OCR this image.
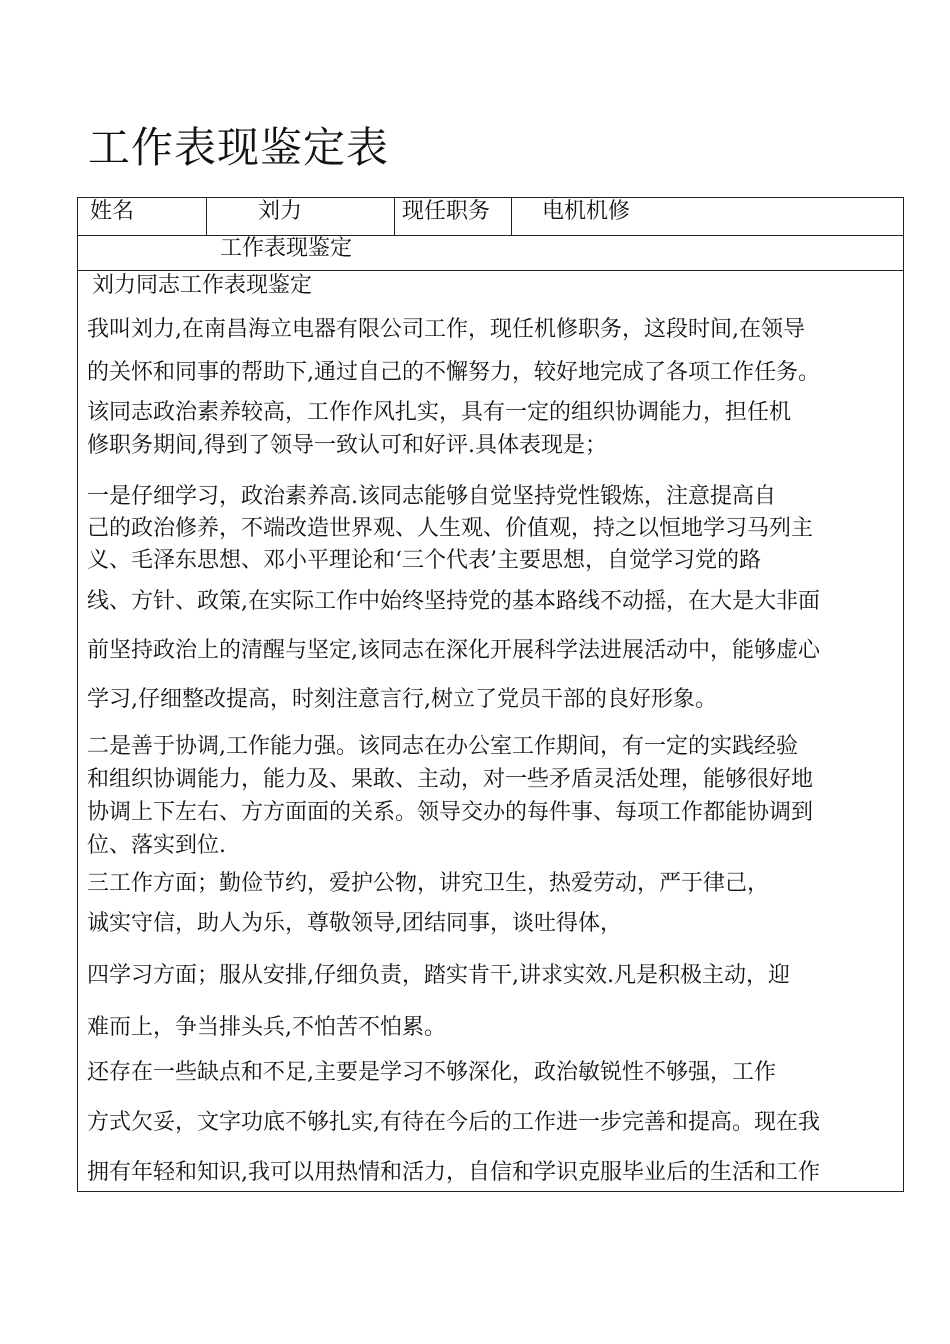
工作表现鉴定表
姓名	刘力	现任职务 电机机修
工作表现鉴定
刘力同志工作表现鉴定
我叫刘力,在南昌海立电器有限公司工作，现任机修职务，这段时间,在领导
的关怀和同事的帮助下,通过自己的不懈努力，较好地完成了各项工作任务。
该同志政治素养较高，工作作风扎实，具有一定的组织协调能力，担任机
修职务期间,得到了领导一致认可和好评.具体表现是；
一是仔细学习，政治素养高.该同志能够自觉坚持党性锻炼，注意提高自
己的政治修养，不端改造世界观、人生观、价值观，持之以恒地学习马列主
义、毛泽东思想、邓小平理论和‘三个代表’主要思想，自觉学习党的路
线、方针、政策,在实际工作中始终坚持党的基本路线不动摇，在大是大非面
前坚持政治上的清醒与坚定,该同志在深化开展科学法进展活动中，能够虚心
学习,仔细整改提高，时刻注意言行,树立了党员干部的良好形象。
二是善于协调,工作能力强。该同志在办公室工作期间，有一定的实践经验
和组织协调能力，能力及、果敢、主动，对一些矛盾灵活处理，能够很好地
协调上下左右、方方面面的关系。领导交办的每件事、每项工作都能协调到
位、落实到位.
三工作方面；勤俭节约，爱护公物，讲究卫生，热爱劳动，严于律己，
诚实守信，助人为乐，尊敬领导,团结同事，谈吐得体，
四学习方面；服从安排,仔细负责，踏实肯干,讲求实效.凡是积极主动，迎
难而上，争当排头兵,不怕苦不怕累。
还存在一些缺点和不足,主要是学习不够深化，政治敏锐性不够强，工作
方式欠妥，文字功底不够扎实,有待在今后的工作进一步完善和提高。现在我
拥有年轻和知识,我可以用热情和活力，自信和学识克服毕业后的生活和工作
